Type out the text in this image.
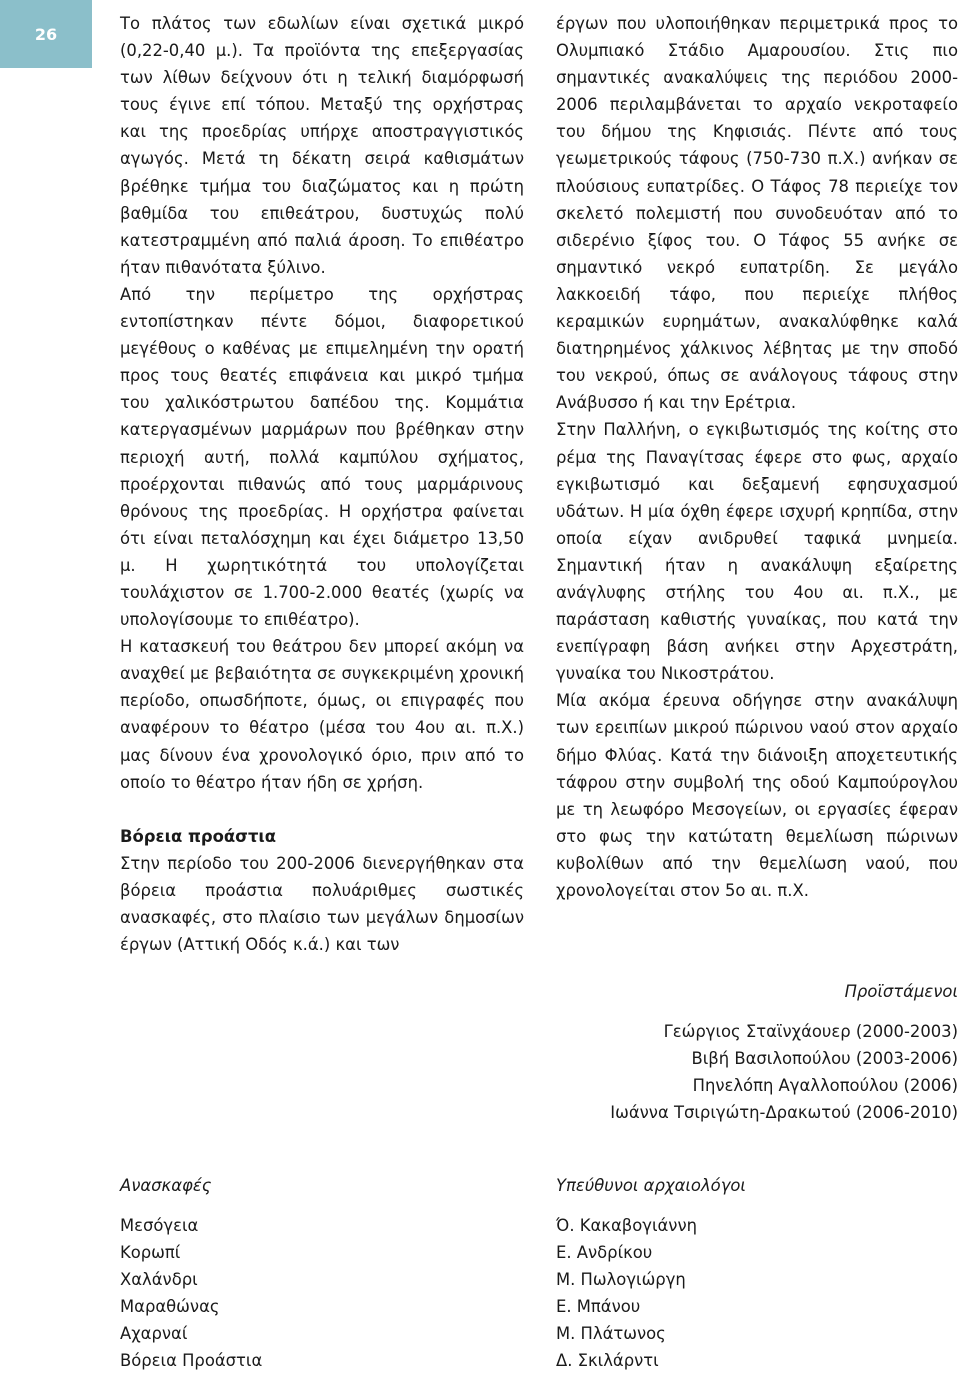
26

Το πλάτος των εδωλίων είναι σχετικά μικρό (0,22-0,40 μ.). Τα προϊόντα της επεξεργασίας των λίθων δείχνουν ότι η τελική διαμόρφωσή τους έγινε επί τόπου. Μεταξύ της ορχήστρας και της προεδρίας υπήρχε αποστραγγιστικός αγωγός. Μετά τη δέκατη σειρά καθισμάτων βρέθηκε τμήμα του διαζώματος και η πρώτη βαθμίδα του επιθεάτρου, δυστυχώς πολύ κατεστραμμένη από παλιά άροση. Το επιθέατρο ήταν πιθανότατα ξύλινο.

Από την περίμετρο της ορχήστρας εντοπίστηκαν πέντε δόμοι, διαφορετικού μεγέθους ο καθένας με επιμελημένη την ορατή προς τους θεατές επιφάνεια και μικρό τμήμα του χαλικόστρωτου δαπέδου της. Κομμάτια κατεργασμένων μαρμάρων που βρέθηκαν στην περιοχή αυτή, πολλά καμπύλου σχήματος, προέρχονται πιθανώς από τους μαρμάρινους θρόνους της προεδρίας. Η ορχήστρα φαίνεται ότι είναι πεταλόσχημη και έχει διάμετρο 13,50 μ. Η χωρητικότητά του υπολογίζεται τουλάχιστον σε 1.700-2.000 θεατές (χωρίς να υπολογίσουμε το επιθέατρο).

Η κατασκευή του θεάτρου δεν μπορεί ακόμη να αναχθεί με βεβαιότητα σε συγκεκριμένη χρονική περίοδο, οπωσδήποτε, όμως, οι επιγραφές που αναφέρουν το θέατρο (μέσα του 4ου αι. π.Χ.) μας δίνουν ένα χρονολογικό όριο, πριν από το οποίο το θέατρο ήταν ήδη σε χρήση.

Βόρεια προάστια

Στην περίοδο του 200-2006 διενεργήθηκαν στα βόρεια προάστια πολυάριθμες σωστικές ανασκαφές, στο πλαίσιο των μεγάλων δημοσίων έργων (Αττική Οδός κ.ά.) και των

έργων που υλοποιήθηκαν περιμετρικά προς το Ολυμπιακό Στάδιο Αμαρουσίου. Στις πιο σημαντικές ανακαλύψεις της περιόδου 2000-2006 περιλαμβάνεται το αρχαίο νεκροταφείο του δήμου της Κηφισιάς. Πέντε από τους γεωμετρικούς τάφους (750-730 π.Χ.) ανήκαν σε πλούσιους ευπατρίδες. Ο Τάφος 78 περιείχε τον σκελετό πολεμιστή που συνοδευόταν από το σιδερένιο ξίφος του. Ο Τάφος 55 ανήκε σε σημαντικό νεκρό ευπατρίδη. Σε μεγάλο λακκοειδή τάφο, που περιείχε πλήθος κεραμικών ευρημάτων, ανακαλύφθηκε καλά διατηρημένος χάλκινος λέβητας με την σποδό του νεκρού, όπως σε ανάλογους τάφους στην Ανάβυσσο ή και την Ερέτρια.

Στην Παλλήνη, ο εγκιβωτισμός της κοίτης στο ρέμα της Παναγίτσας έφερε στο φως, αρχαίο εγκιβωτισμό και δεξαμενή εφησυχασμού υδάτων. Η μία όχθη έφερε ισχυρή κρηπίδα, στην οποία είχαν ανιδρυθεί ταφικά μνημεία. Σημαντική ήταν η ανακάλυψη εξαίρετης ανάγλυφης στήλης του 4ου αι. π.Χ., με παράσταση καθιστής γυναίκας, που κατά την ενεπίγραφη βάση ανήκει στην Αρχεστράτη, γυναίκα του Νικοστράτου.

Μία ακόμα έρευνα οδήγησε στην ανακάλυψη των ερειπίων μικρού πώρινου ναού στον αρχαίο δήμο Φλύας. Κατά την διάνοιξη αποχετευτικής τάφρου στην συμβολή της οδού Καμπούρογλου με τη λεωφόρο Μεσογείων, οι εργασίες έφεραν στο φως την κατώτατη θεμελίωση πώρινων κυβολίθων από την θεμελίωση ναού, που χρονολογείται στον 5ο αι. π.Χ.

Προϊστάμενοι
Γεώργιος Σταϊνχάουερ (2000-2003)
Βιβή Βασιλοπούλου (2003-2006)
Πηνελόπη Αγαλλοπούλου (2006)
Ιωάννα Τσιριγώτη-Δρακωτού (2006-2010)
Ανασκαφές
Μεσόγεια
Κορωπί
Χαλάνδρι
Μαραθώνας
Αχαρναί
Βόρεια Προάστια
Υπεύθυνοι αρχαιολόγοι
Ό. Κακαβογιάννη
Ε. Ανδρίκου
Μ. Πωλογιώργη
Ε. Μπάνου
Μ. Πλάτωνος
Δ. Σκιλάρντι
